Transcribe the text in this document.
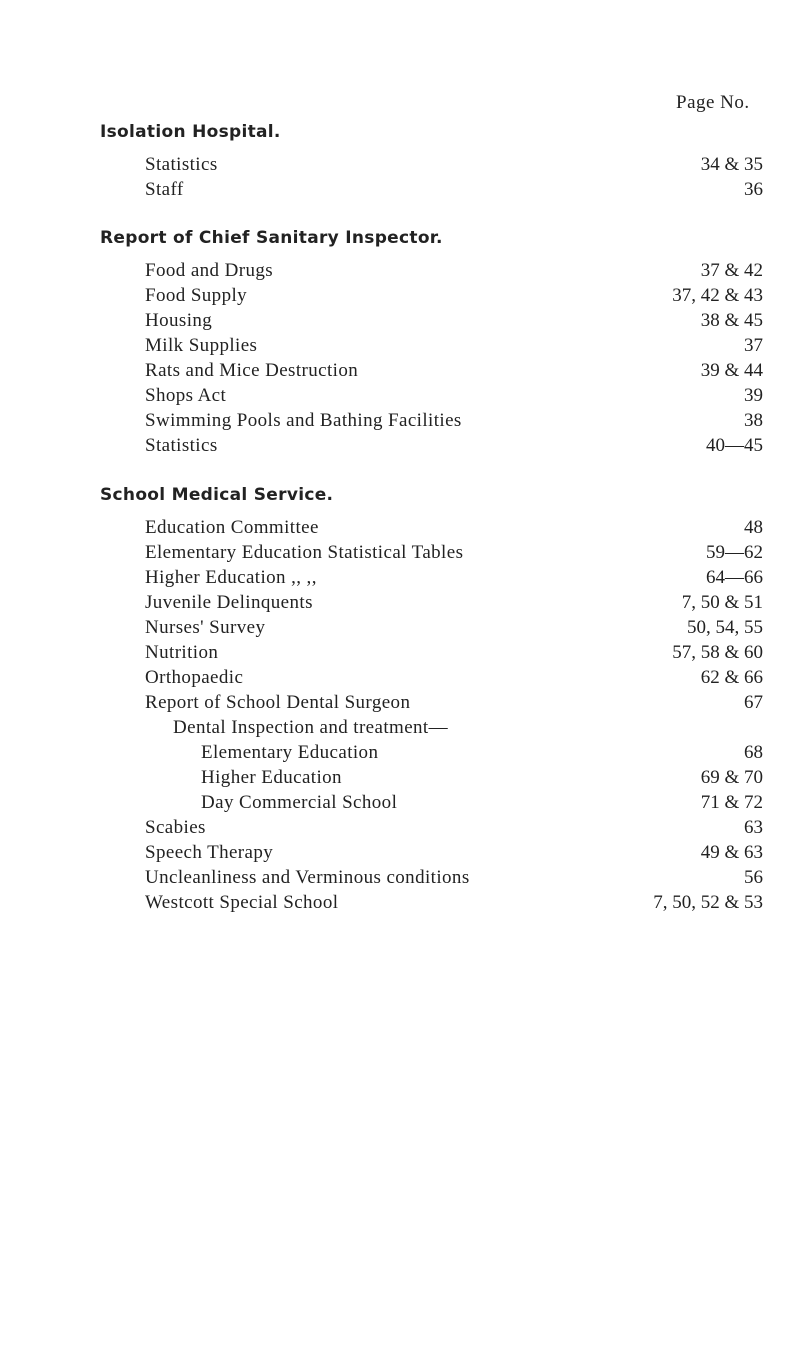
Page No.
Isolation Hospital.
Statistics	34 & 35
Staff	36
Report of Chief Sanitary Inspector.
Food and Drugs	37 & 42
Food Supply	37, 42 & 43
Housing	38 & 45
Milk Supplies	37
Rats and Mice Destruction	39 & 44
Shops Act	39
Swimming Pools and Bathing Facilities	38
Statistics	40—45
School Medical Service.
Education Committee	48
Elementary Education Statistical Tables	59—62
Higher Education ,, ,,	64—66
Juvenile Delinquents	7, 50 & 51
Nurses' Survey	50, 54, 55
Nutrition	57, 58 & 60
Orthopaedic	62 & 66
Report of School Dental Surgeon	67
Dental Inspection and treatment—
Elementary Education	68
Higher Education	69 & 70
Day Commercial School	71 & 72
Scabies	63
Speech Therapy	49 & 63
Uncleanliness and Verminous conditions	56
Westcott Special School	7, 50, 52 & 53
